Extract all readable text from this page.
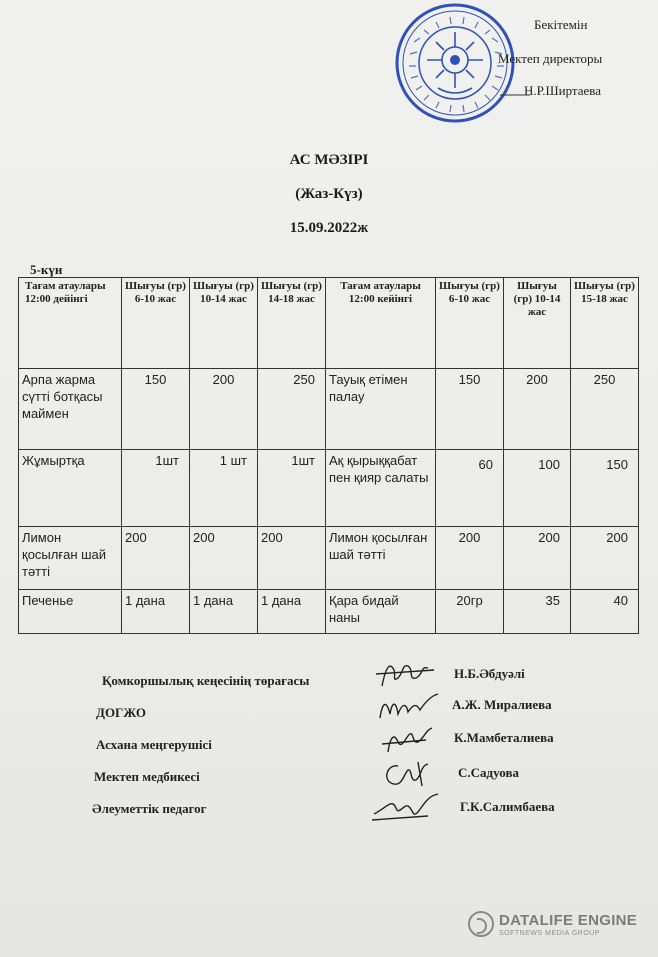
Бекітемін
Мектеп директоры
Н.Р.Ширтаева
АС МӘЗІРІ
(Жаз-Күз)
15.09.2022ж
5-күн
Тағам атаулары 12:00 дейінгі	Шығуы (гр) 6-10 жас	Шығуы (гр) 10-14 жас	Шығуы (гр) 14-18 жас	Тағам атаулары 12:00 кейінгі	Шығуы (гр) 6-10 жас	Шығуы (гр) 10-14 жас	Шығуы (гр) 15-18 жас
Арпа жарма сүтті ботқасы маймен	150	200	250	Тауық етімен палау	150	200	250
Жұмыртқа	1шт	1 шт	1шт	Ақ қырыққабат пен қияр салаты	60	100	150
Лимон қосылған шай тәтті	200	200	200	Лимон қосылған шай тәтті	200	200	200
Печенье	1 дана	1 дана	1 дана	Қара бидай наны	20гр	35	40
Қомкоршылық кеңесінің төрағасы
ДОГЖО
Асхана меңгерушісі
Мектеп медбикесі
Әлеуметтік педагог
Н.Б.Әбдуәлі
А.Ж. Миралиева
К.Мамбеталиева
С.Садуова
Г.К.Салимбаева
DATALIFE ENGINE
SOFTNEWS MEDIA GROUP
